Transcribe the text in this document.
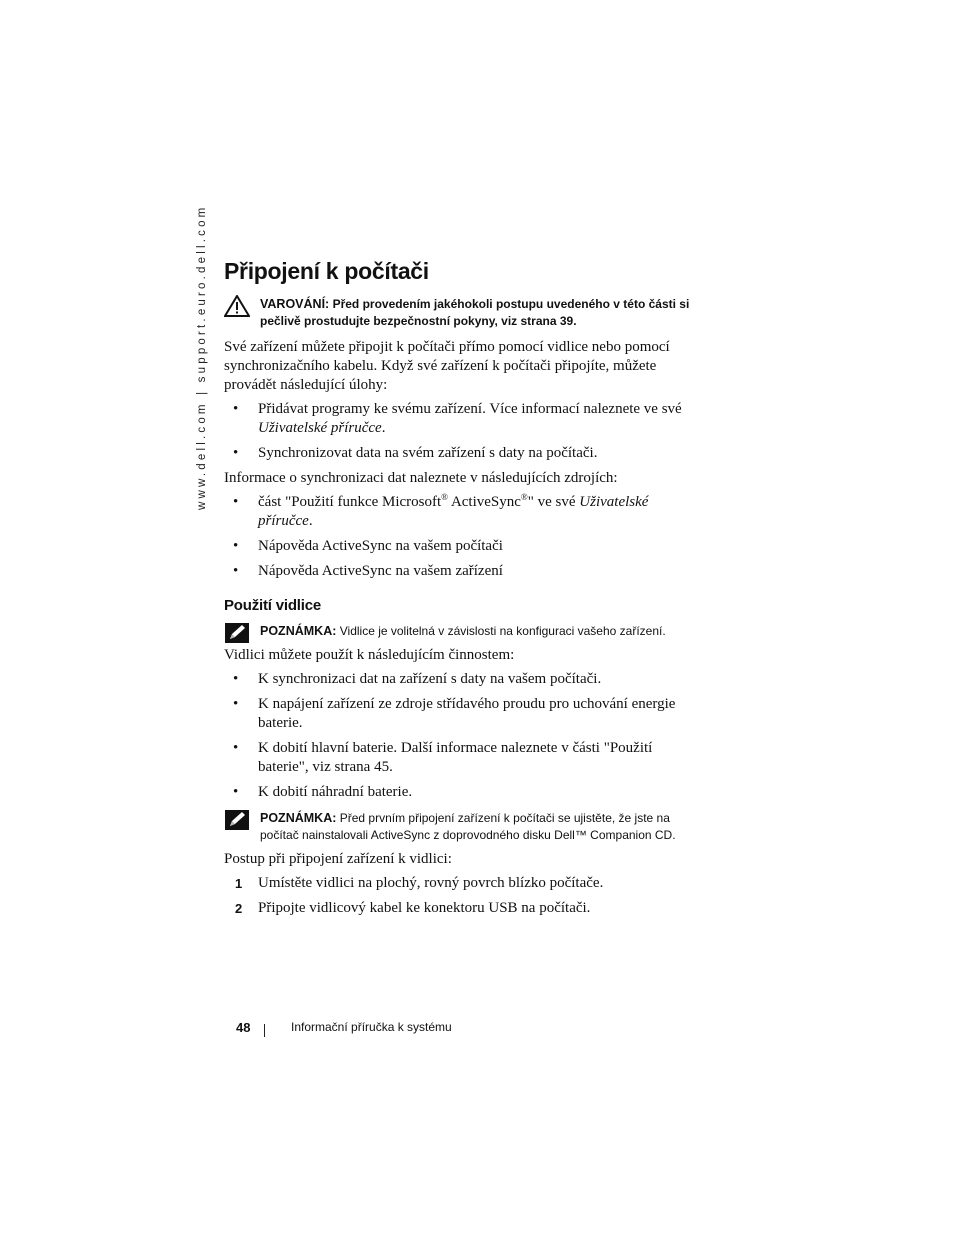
www.dell.com | support.euro.dell.com Připojení k počítači
VAROVÁNÍ: Před provedením jakéhokoli postupu uvedeného v této části si pečlivě prostudujte bezpečnostní pokyny, viz strana 39.

Své zařízení můžete připojit k počítači přímo pomocí vidlice nebo pomocí synchronizačního kabelu. Když své zařízení k počítači připojíte, můžete provádět následující úlohy:

• Přidávat programy ke svému zařízení. Více informací naleznete ve své Uživatelské příručce.
• Synchronizovat data na svém zařízení s daty na počítači.

Informace o synchronizaci dat naleznete v následujících zdrojích:

• část "Použití funkce Microsoft® ActiveSync®" ve své Uživatelské příručce.
• Nápověda ActiveSync na vašem počítači
• Nápověda ActiveSync na vašem zařízení
Použití vidlice
POZNÁMKA: Vidlice je volitelná v závislosti na konfiguraci vašeho zařízení.

Vidlici můžete použít k následujícím činnostem:

• K synchronizaci dat na zařízení s daty na vašem počítači.
• K napájení zařízení ze zdroje střídavého proudu pro uchování energie baterie.
• K dobití hlavní baterie. Další informace naleznete v části "Použití baterie", viz strana 45.
• K dobití náhradní baterie.
POZNÁMKA: Před prvním připojení zařízení k počítači se ujistěte, že jste na počítač nainstalovali ActiveSync z doprovodného disku Dell™ Companion CD.

Postup při připojení zařízení k vidlici:

1 Umístěte vidlici na plochý, rovný povrch blízko počítače.
2 Připojte vidlicový kabel ke konektoru USB na počítači.
48	Informační příručka k systému
